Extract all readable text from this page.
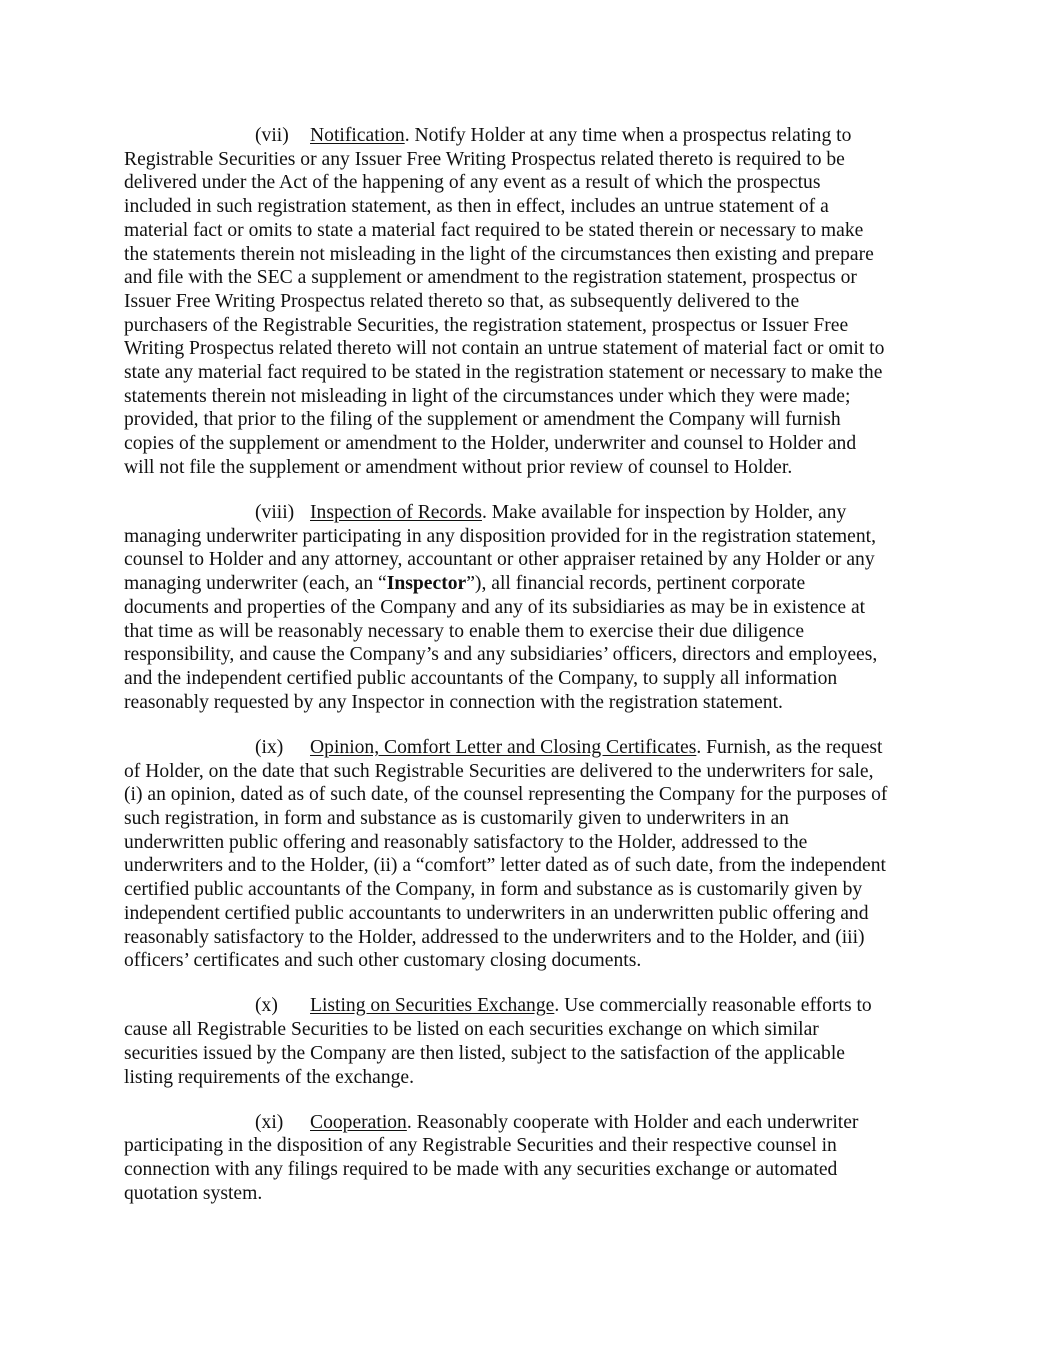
(vii) Notification. Notify Holder at any time when a prospectus relating to
Registrable Securities or any Issuer Free Writing Prospectus related thereto is required to be
delivered under the Act of the happening of any event as a result of which the prospectus
included in such registration statement, as then in effect, includes an untrue statement of a
material fact or omits to state a material fact required to be stated therein or necessary to make
the statements therein not misleading in the light of the circumstances then existing and prepare
and file with the SEC a supplement or amendment to the registration statement, prospectus or
Issuer Free Writing Prospectus related thereto so that, as subsequently delivered to the
purchasers of the Registrable Securities, the registration statement, prospectus or Issuer Free
Writing Prospectus related thereto will not contain an untrue statement of material fact or omit to
state any material fact required to be stated in the registration statement or necessary to make the
statements therein not misleading in light of the circumstances under which they were made;
provided, that prior to the filing of the supplement or amendment the Company will furnish
copies of the supplement or amendment to the Holder, underwriter and counsel to Holder and
will not file the supplement or amendment without prior review of counsel to Holder.
(viii) Inspection of Records. Make available for inspection by Holder, any
managing underwriter participating in any disposition provided for in the registration statement,
counsel to Holder and any attorney, accountant or other appraiser retained by any Holder or any
managing underwriter (each, an “Inspector”), all financial records, pertinent corporate
documents and properties of the Company and any of its subsidiaries as may be in existence at
that time as will be reasonably necessary to enable them to exercise their due diligence
responsibility, and cause the Company’s and any subsidiaries’ officers, directors and employees,
and the independent certified public accountants of the Company, to supply all information
reasonably requested by any Inspector in connection with the registration statement.
(ix) Opinion, Comfort Letter and Closing Certificates. Furnish, as the request
of Holder, on the date that such Registrable Securities are delivered to the underwriters for sale,
(i) an opinion, dated as of such date, of the counsel representing the Company for the purposes of
such registration, in form and substance as is customarily given to underwriters in an
underwritten public offering and reasonably satisfactory to the Holder, addressed to the
underwriters and to the Holder, (ii) a “comfort” letter dated as of such date, from the independent
certified public accountants of the Company, in form and substance as is customarily given by
independent certified public accountants to underwriters in an underwritten public offering and
reasonably satisfactory to the Holder, addressed to the underwriters and to the Holder, and (iii)
officers’ certificates and such other customary closing documents.
(x) Listing on Securities Exchange. Use commercially reasonable efforts to
cause all Registrable Securities to be listed on each securities exchange on which similar
securities issued by the Company are then listed, subject to the satisfaction of the applicable
listing requirements of the exchange.
(xi) Cooperation. Reasonably cooperate with Holder and each underwriter
participating in the disposition of any Registrable Securities and their respective counsel in
connection with any filings required to be made with any securities exchange or automated
quotation system.
